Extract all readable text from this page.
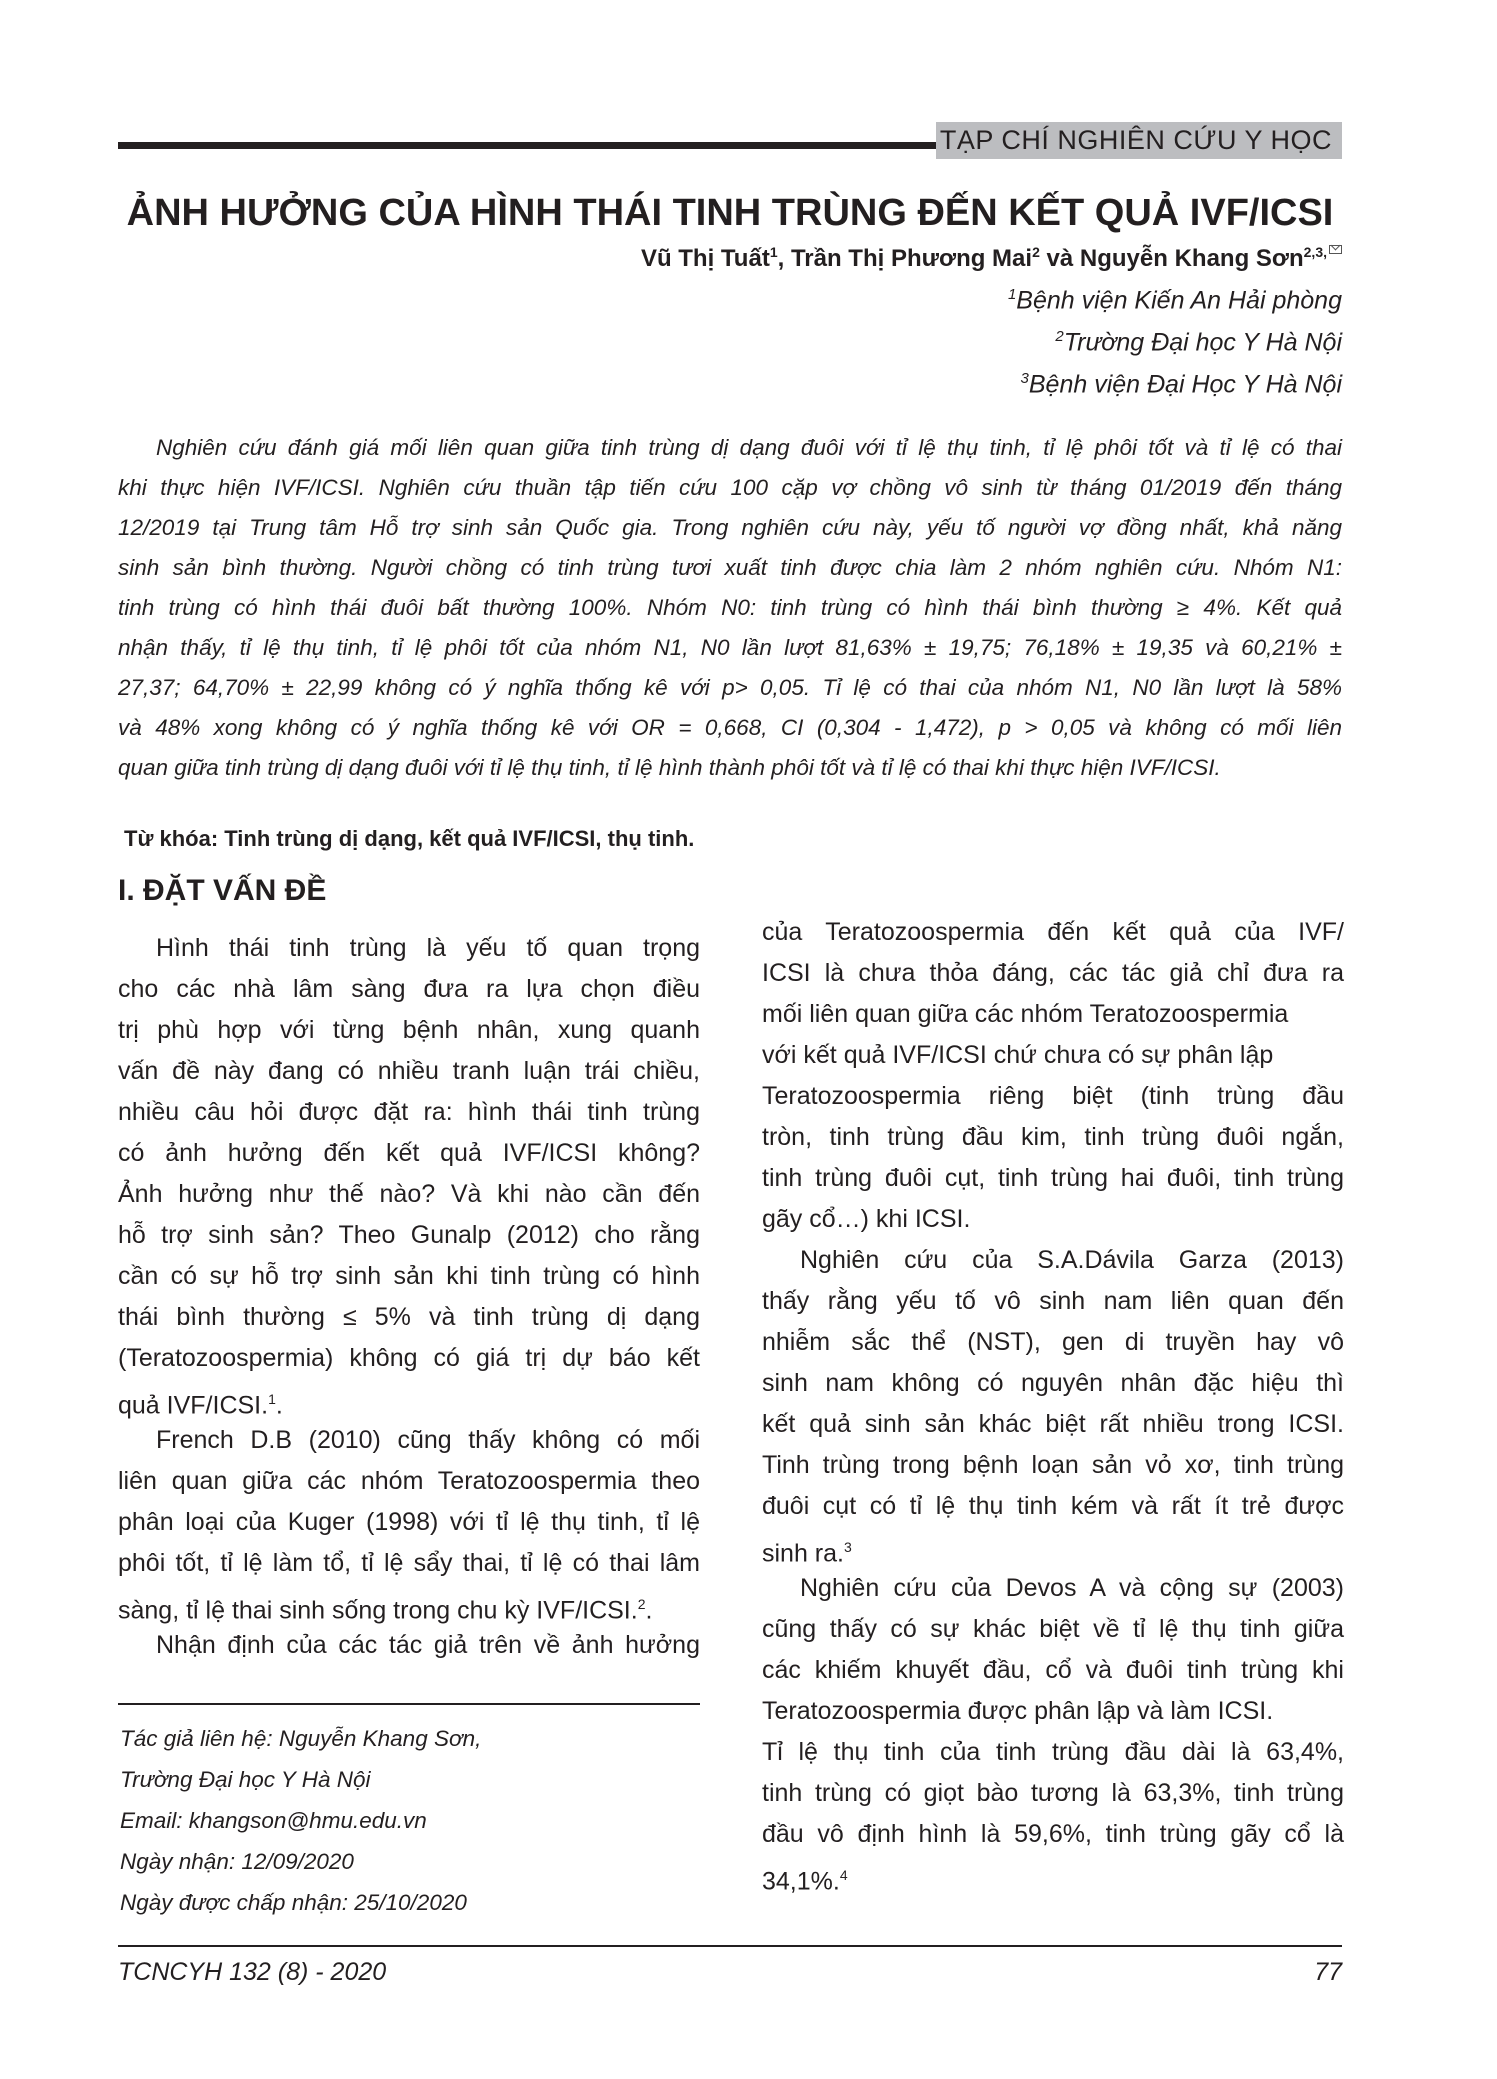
TẠP CHÍ NGHIÊN CỨU Y HỌC
ẢNH HƯỞNG CỦA HÌNH THÁI TINH TRÙNG ĐẾN KẾT QUẢ IVF/ICSI
Vũ Thị Tuất$^1$, Trần Thị Phương Mai$^2$ và Nguyễn Khang Sơn$^{2,3,}$
$^1$Bệnh viện Kiến An Hải phòng
$^2$Trường Đại học Y Hà Nội
$^3$Bệnh viện Đại Học Y Hà Nội
Nghiên cứu đánh giá mối liên quan giữa tinh trùng dị dạng đuôi với tỉ lệ thụ tinh, tỉ lệ phôi tốt và tỉ lệ có thai
khi thực hiện IVF/ICSI. Nghiên cứu thuần tập tiến cứu 100 cặp vợ chồng vô sinh từ tháng 01/2019 đến tháng
12/2019 tại Trung tâm Hỗ trợ sinh sản Quốc gia. Trong nghiên cứu này, yếu tố người vợ đồng nhất, khả năng
sinh sản bình thường. Người chồng có tinh trùng tươi xuất tinh được chia làm 2 nhóm nghiên cứu. Nhóm N1:
tinh trùng có hình thái đuôi bất thường 100%. Nhóm N0: tinh trùng có hình thái bình thường ≥ 4%. Kết quả
nhận thấy, tỉ lệ thụ tinh, tỉ lệ phôi tốt của nhóm N1, N0 lần lượt 81,63% ± 19,75; 76,18% ± 19,35 và 60,21% ±
27,37; 64,70% ± 22,99 không có ý nghĩa thống kê với p> 0,05. Tỉ lệ có thai của nhóm N1, N0 lần lượt là 58%
và 48% xong không có ý nghĩa thống kê với OR = 0,668, CI (0,304 - 1,472), p > 0,05 và không có mối liên
quan giữa tinh trùng dị dạng đuôi với tỉ lệ thụ tinh, tỉ lệ hình thành phôi tốt và tỉ lệ có thai khi thực hiện IVF/ICSI.
Từ khóa: Tinh trùng dị dạng, kết quả IVF/ICSI, thụ tinh.
I. ĐẶT VẤN ĐỀ
Hình thái tinh trùng là yếu tố quan trọng
cho các nhà lâm sàng đưa ra lựa chọn điều
trị phù hợp với từng bệnh nhân, xung quanh
vấn đề này đang có nhiều tranh luận trái chiều,
nhiều câu hỏi được đặt ra: hình thái tinh trùng
có ảnh hưởng đến kết quả IVF/ICSI không?
Ảnh hưởng như thế nào? Và khi nào cần đến
hỗ trợ sinh sản? Theo Gunalp (2012) cho rằng
cần có sự hỗ trợ sinh sản khi tinh trùng có hình
thái bình thường ≤ 5% và tinh trùng dị dạng
(Teratozoospermia) không có giá trị dự báo kết
quả IVF/ICSI.$^1$.
French D.B (2010) cũng thấy không có mối
liên quan giữa các nhóm Teratozoospermia theo
phân loại của Kuger (1998) với tỉ lệ thụ tinh, tỉ lệ
phôi tốt, tỉ lệ làm tổ, tỉ lệ sẩy thai, tỉ lệ có thai lâm
sàng, tỉ lệ thai sinh sống trong chu kỳ IVF/ICSI.$^2$.
Nhận định của các tác giả trên về ảnh hưởng
của Teratozoospermia đến kết quả của IVF/
ICSI là chưa thỏa đáng, các tác giả chỉ đưa ra
mối liên quan giữa các nhóm Teratozoospermia
với kết quả IVF/ICSI chứ chưa có sự phân lập
Teratozoospermia riêng biệt (tinh trùng đầu
tròn, tinh trùng đầu kim, tinh trùng đuôi ngắn,
tinh trùng đuôi cụt, tinh trùng hai đuôi, tinh trùng
gãy cổ…) khi ICSI.
Nghiên cứu của S.A.Dávila Garza (2013)
thấy rằng yếu tố vô sinh nam liên quan đến
nhiễm sắc thể (NST), gen di truyền hay vô
sinh nam không có nguyên nhân đặc hiệu thì
kết quả sinh sản khác biệt rất nhiều trong ICSI.
Tinh trùng trong bệnh loạn sản vỏ xơ, tinh trùng
đuôi cụt có tỉ lệ thụ tinh kém và rất ít trẻ được
sinh ra.$^3$
Nghiên cứu của Devos A và cộng sự (2003)
cũng thấy có sự khác biệt về tỉ lệ thụ tinh giữa
các khiếm khuyết đầu, cổ và đuôi tinh trùng khi
Teratozoospermia được phân lập và làm ICSI.
Tỉ lệ thụ tinh của tinh trùng đầu dài là 63,4%,
tinh trùng có giọt bào tương là 63,3%, tinh trùng
đầu vô định hình là 59,6%, tinh trùng gãy cổ là
34,1%.$^4$
Tác giả liên hệ: Nguyễn Khang Sơn,
Trường Đại học Y Hà Nội
Email: khangson@hmu.edu.vn
Ngày nhận: 12/09/2020
Ngày được chấp nhận: 25/10/2020
TCNCYH 132 (8) - 2020	77
